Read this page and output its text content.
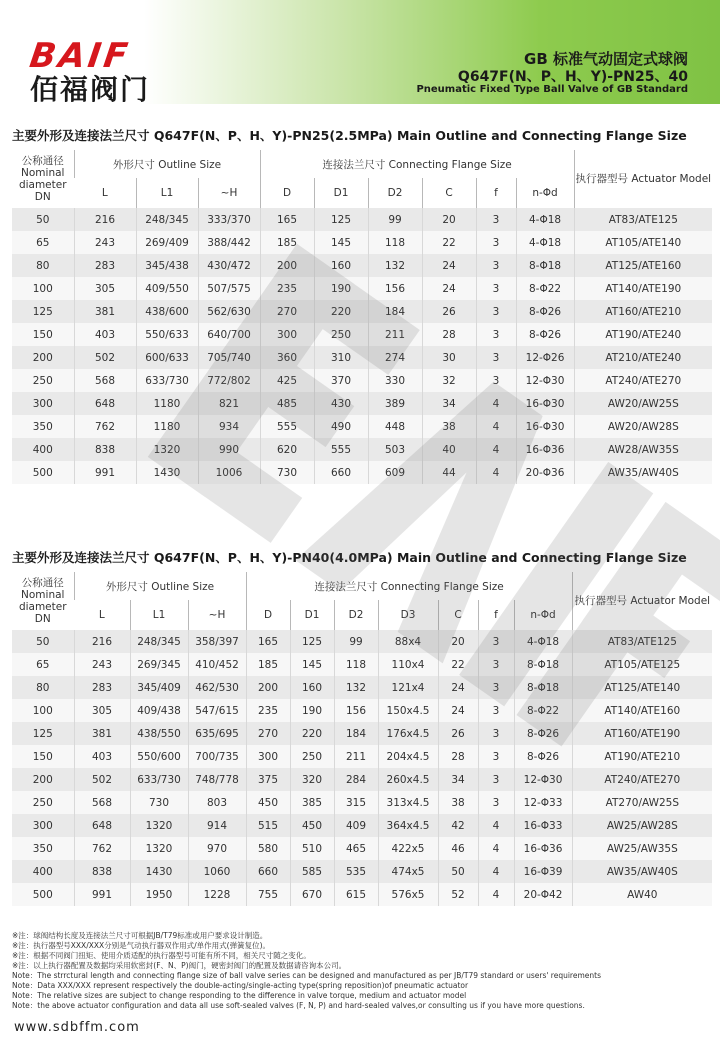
BAIF
佰福阀门
GB 标准气动固定式球阀
Q647F(N、P、H、Y)-PN25、40
Pneumatic Fixed Type Ball Valve of GB Standard
主要外形及连接法兰尺寸 Q647F(N、P、H、Y)-PN25(2.5MPa) Main Outline and Connecting Flange Size
公称通径 Nominal diameter DN	外形尺寸 Outline Size			连接法兰尺寸 Connecting Flange Size						执行器型号 Actuator Model
	L	L1	~H	D	D1	D2	C	f	n-Φd	
50	216	248/345	333/370	165	125	99	20	3	4-Φ18	AT83/ATE125
65	243	269/409	388/442	185	145	118	22	3	4-Φ18	AT105/ATE140
80	283	345/438	430/472	200	160	132	24	3	8-Φ18	AT125/ATE160
100	305	409/550	507/575	235	190	156	24	3	8-Φ22	AT140/ATE190
125	381	438/600	562/630	270	220	184	26	3	8-Φ26	AT160/ATE210
150	403	550/633	640/700	300	250	211	28	3	8-Φ26	AT190/ATE240
200	502	600/633	705/740	360	310	274	30	3	12-Φ26	AT210/ATE240
250	568	633/730	772/802	425	370	330	32	3	12-Φ30	AT240/ATE270
300	648	1180	821	485	430	389	34	4	16-Φ30	AW20/AW25S
350	762	1180	934	555	490	448	38	4	16-Φ30	AW20/AW28S
400	838	1320	990	620	555	503	40	4	16-Φ36	AW28/AW35S
500	991	1430	1006	730	660	609	44	4	20-Φ36	AW35/AW40S
主要外形及连接法兰尺寸 Q647F(N、P、H、Y)-PN40(4.0MPa) Main Outline and Connecting Flange Size
公称通径 Nominal diameter DN	外形尺寸 Outline Size			连接法兰尺寸 Connecting Flange Size							执行器型号 Actuator Model
	L	L1	~H	D	D1	D2	D3	C	f	n-Φd	
50	216	248/345	358/397	165	125	99	88x4	20	3	4-Φ18	AT83/ATE125
65	243	269/345	410/452	185	145	118	110x4	22	3	8-Φ18	AT105/ATE125
80	283	345/409	462/530	200	160	132	121x4	24	3	8-Φ18	AT125/ATE140
100	305	409/438	547/615	235	190	156	150x4.5	24	3	8-Φ22	AT140/ATE160
125	381	438/550	635/695	270	220	184	176x4.5	26	3	8-Φ26	AT160/ATE190
150	403	550/600	700/735	300	250	211	204x4.5	28	3	8-Φ26	AT190/ATE210
200	502	633/730	748/778	375	320	284	260x4.5	34	3	12-Φ30	AT240/ATE270
250	568	730	803	450	385	315	313x4.5	38	3	12-Φ33	AT270/AW25S
300	648	1320	914	515	450	409	364x4.5	42	4	16-Φ33	AW25/AW28S
350	762	1320	970	580	510	465	422x5	46	4	16-Φ36	AW25/AW35S
400	838	1430	1060	660	585	535	474x5	50	4	16-Φ39	AW35/AW40S
500	991	1950	1228	755	670	615	576x5	52	4	20-Φ42	AW40
※注：球阀结构长度及连接法兰尺寸可根据JB/T79标准或用户要求设计制造。
※注：执行器型号XXX/XXX分别是气动执行器双作用式/单作用式(弹簧复位)。
※注：根据不同阀门扭矩、使用介质适配的执行器型号可能有所不同，相关尺寸随之变化。
※注：以上执行器配置及数据均采用软密封(F、N、P)阀门，硬密封阀门的配置及数据请咨询本公司。
Note：The strrctural length and connecting flange size of ball valve series can be designed and manufactured as per JB/T79 standard or users' requirements
Note：Data XXX/XXX represent respectively the double-acting/single-acting type(spring reposition)of pneumatic actuator
Note：The relative sizes are subject to change responding to the difference in valve torque, medium and actuator model
Note：the above actuator configuration and data all use soft-sealed valves (F, N, P) and hard-sealed valves,or consulting us if you have more questions.
www.sdbffm.com
